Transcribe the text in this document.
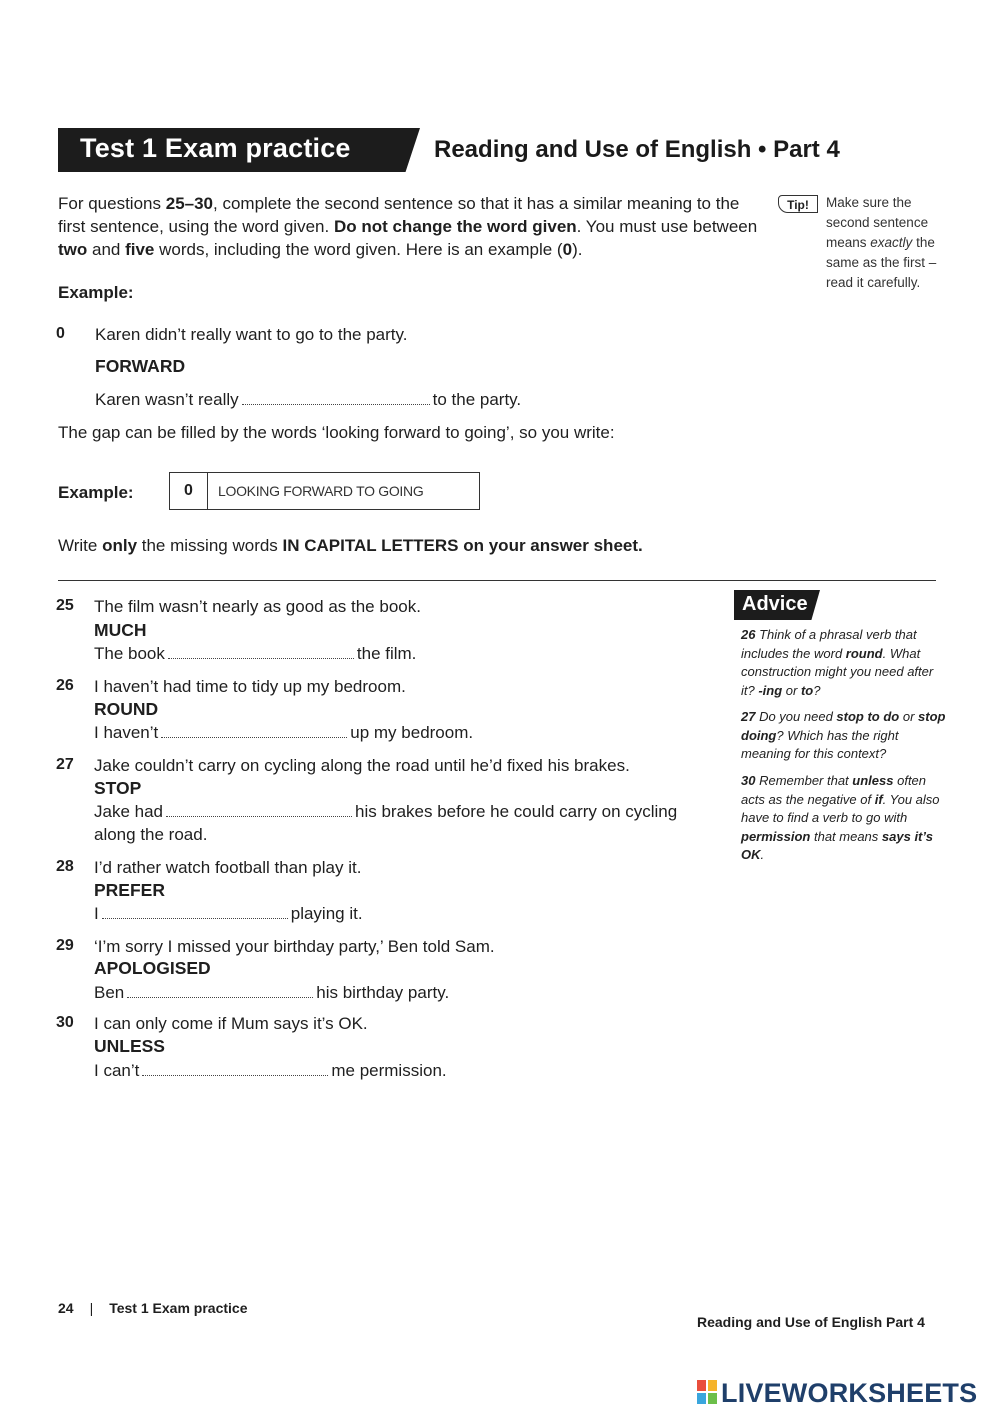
Test 1 Exam practice	Reading and Use of English • Part 4
For questions 25–30, complete the second sentence so that it has a similar meaning to the first sentence, using the word given. Do not change the word given. You must use between two and five words, including the word given. Here is an example (0).
Tip!	Make sure the second sentence means exactly the same as the first – read it carefully.
Example:
0 Karen didn’t really want to go to the party.
FORWARD
Karen wasn’t really	to the party.
The gap can be filled by the words ‘looking forward to going’, so you write:
Example:	0	LOOKING FORWARD TO GOING
Write only the missing words IN CAPITAL LETTERS on your answer sheet.
25 The film wasn’t nearly as good as the book.
MUCH
The book	the film.
26 I haven’t had time to tidy up my bedroom.
ROUND
I haven’t	up my bedroom.
27 Jake couldn’t carry on cycling along the road until he’d fixed his brakes.
STOP
Jake had	his brakes before he could carry on cycling
along the road.
28 I’d rather watch football than play it.
PREFER
I	playing it.
29 ‘I’m sorry I missed your birthday party,’ Ben told Sam.
APOLOGISED
Ben	his birthday party.
30 I can only come if Mum says it’s OK.
UNLESS
I can’t	me permission.
Advice
26 Think of a phrasal verb that includes the word round. What construction might you need after it? -ing or to?
27 Do you need stop to do or stop doing? Which has the right meaning for this context?
30 Remember that unless often acts as the negative of if. You also have to find a verb to go with permission that means says it’s OK.
24 | Test 1 Exam practice
Reading and Use of English Part 4
LIVEWORKSHEETS
